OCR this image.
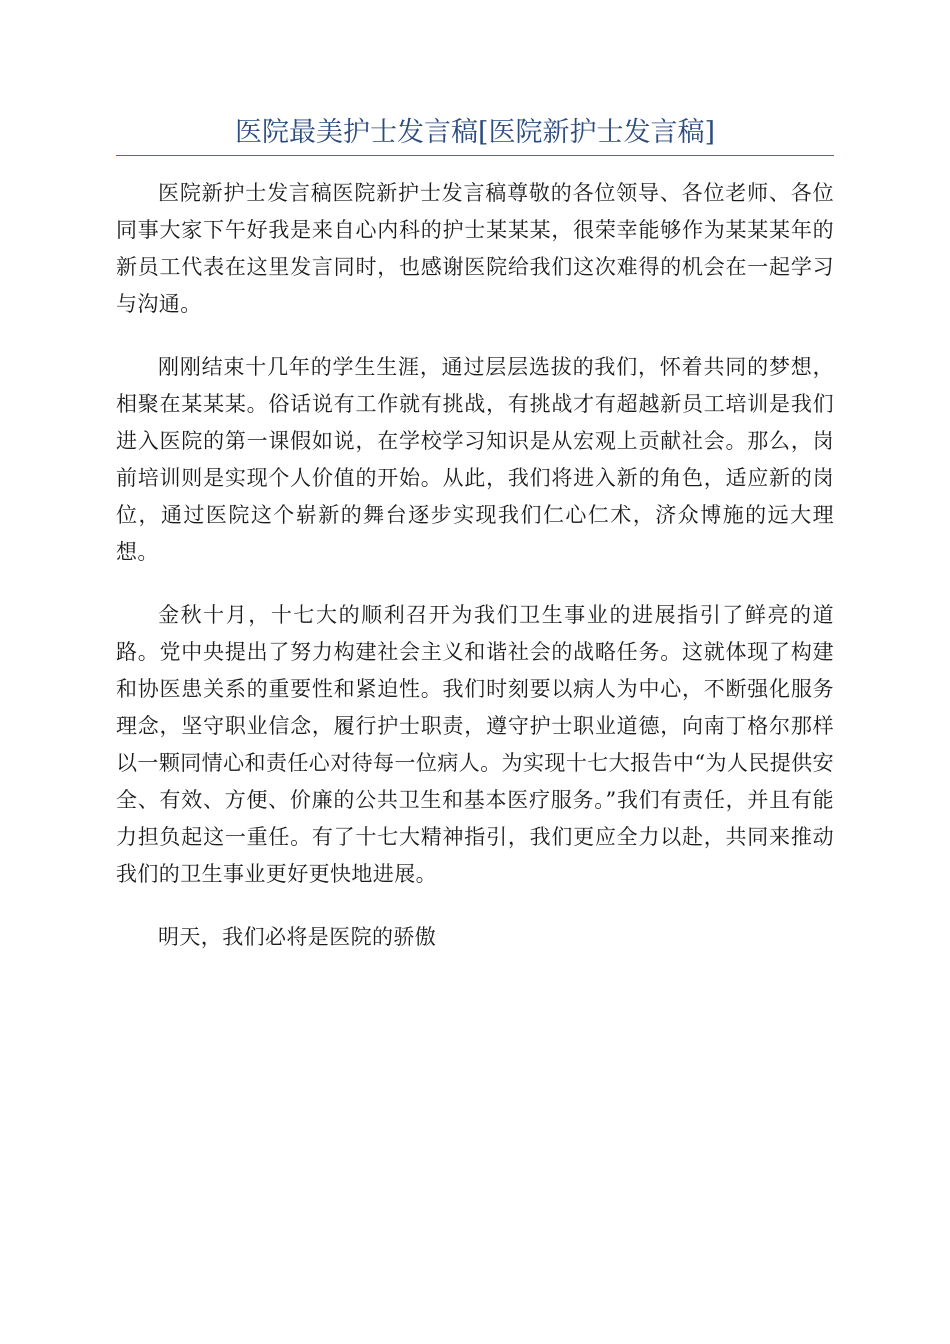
医院最美护士发言稿[医院新护士发言稿]

医院新护士发言稿医院新护士发言稿尊敬的各位领导、各位老师、各位同事大家下午好我是来自心内科的护士某某某，很荣幸能够作为某某某年的新员工代表在这里发言同时，也感谢医院给我们这次难得的机会在一起学习与沟通。

刚刚结束十几年的学生生涯，通过层层选拔的我们，怀着共同的梦想，相聚在某某某。俗话说有工作就有挑战，有挑战才有超越新员工培训是我们进入医院的第一课假如说，在学校学习知识是从宏观上贡献社会。那么，岗前培训则是实现个人价值的开始。从此，我们将进入新的角色，适应新的岗位，通过医院这个崭新的舞台逐步实现我们仁心仁术，济众博施的远大理想。

金秋十月，十七大的顺利召开为我们卫生事业的进展指引了鲜亮的道路。党中央提出了努力构建社会主义和谐社会的战略任务。这就体现了构建和协医患关系的重要性和紧迫性。我们时刻要以病人为中心，不断强化服务理念，坚守职业信念，履行护士职责，遵守护士职业道德，向南丁格尔那样以一颗同情心和责任心对待每一位病人。为实现十七大报告中“为人民提供安全、有效、方便、价廉的公共卫生和基本医疗服务。”我们有责任，并且有能力担负起这一重任。有了十七大精神指引，我们更应全力以赴，共同来推动我们的卫生事业更好更快地进展。

明天，我们必将是医院的骄傲
